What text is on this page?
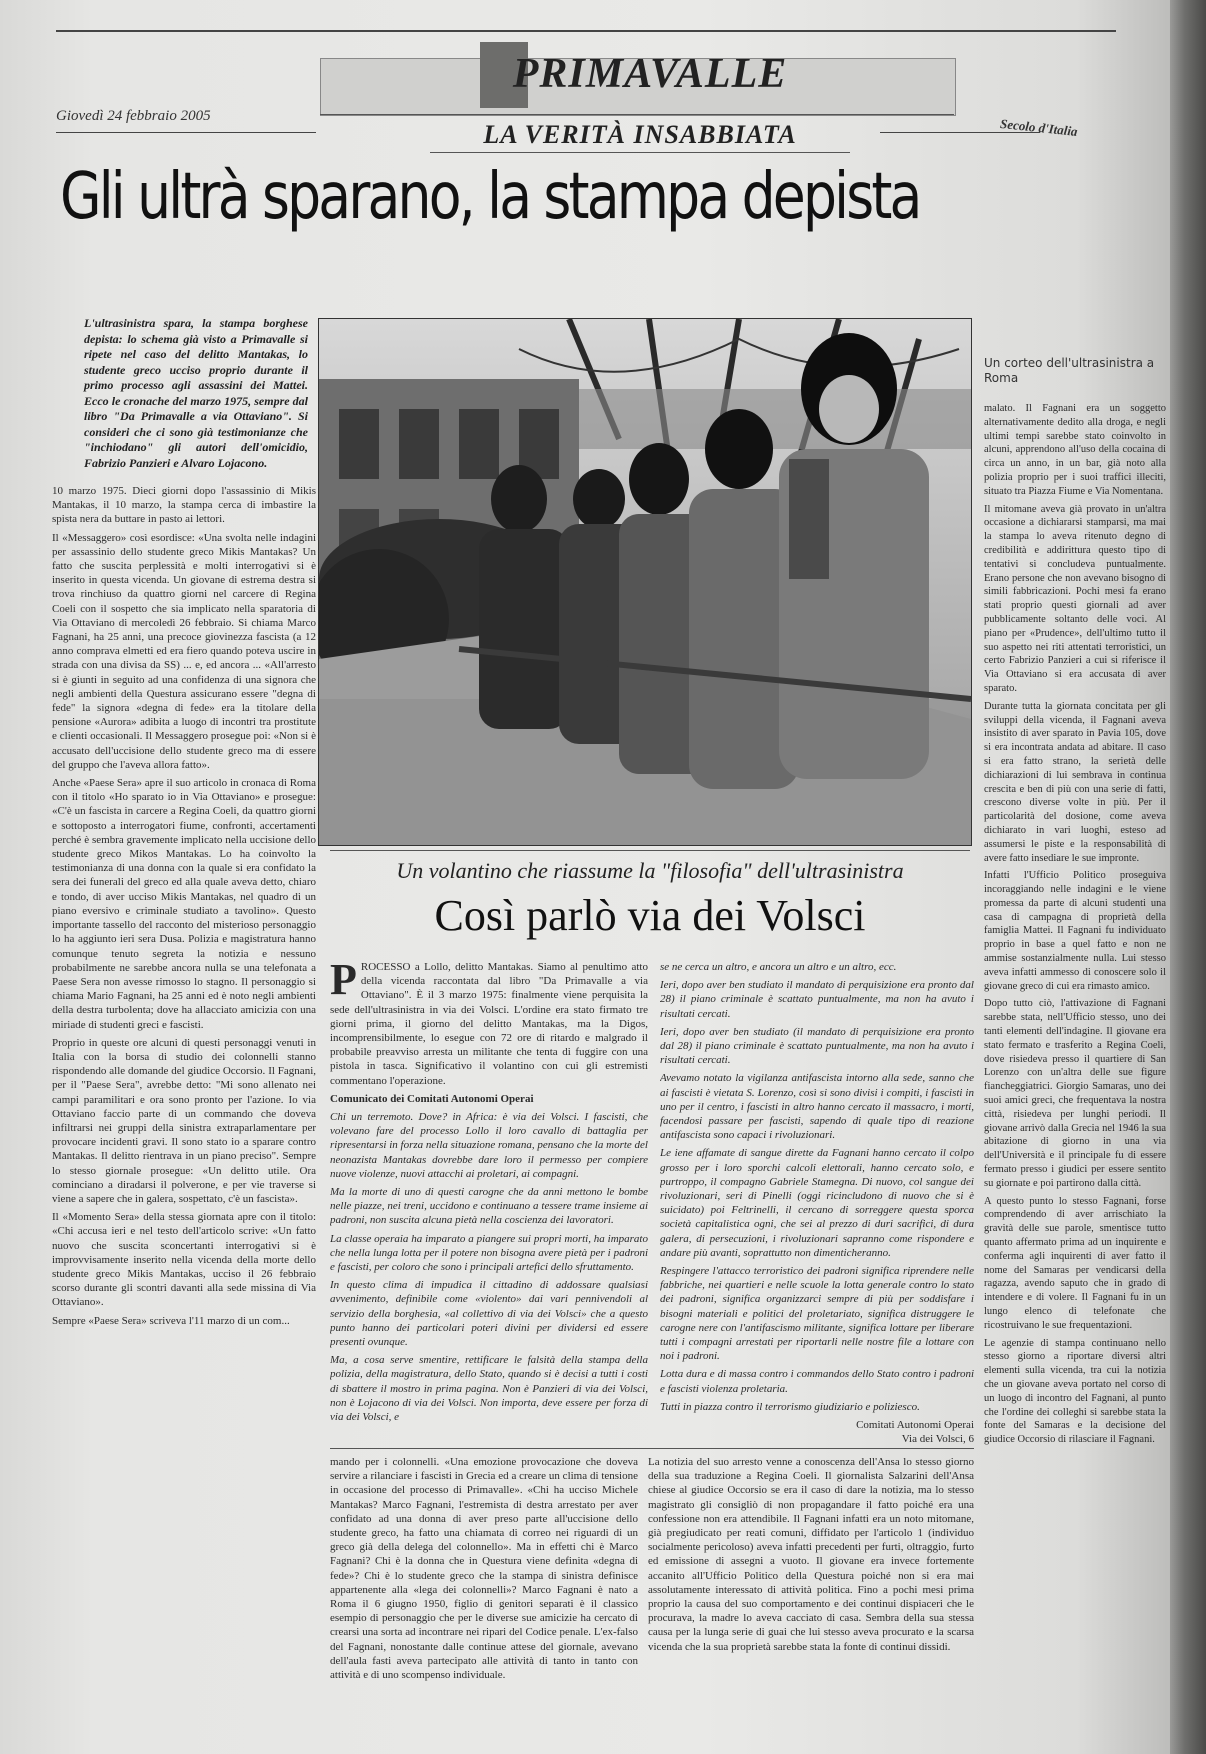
Giovedì 24 febbraio 2005	Secolo d'Italia
PRIMAVALLE
LA VERITÀ INSABBIATA
Gli ultrà sparano, la stampa depista
L'ultrasinistra spara, la stampa borghese depista: lo schema già visto a Primavalle si ripete nel caso del delitto Mantakas, lo studente greco ucciso proprio durante il primo processo agli assassini dei Mattei. Ecco le cronache del marzo 1975, sempre dal libro "Da Primavalle a via Ottaviano". Si consideri che ci sono già testimonianze che "inchiodano" gli autori dell'omicidio, Fabrizio Panzieri e Alvaro Lojacono.
Un corteo dell'ultrasinistra a Roma

10 marzo 1975. Dieci giorni dopo l'assassinio di Mikis Mantakas, il 10 marzo, la stampa cerca di imbastire la spista nera da buttare in pasto ai lettori.

Il «Messaggero» così esordisce: «Una svolta nelle indagini per assassinio dello studente greco Mikis Mantakas? Un fatto che suscita perplessità e molti interrogativi si è inserito in questa vicenda. Un giovane di estrema destra si trova rinchiuso da quattro giorni nel carcere di Regina Coeli con il sospetto che sia implicato nella sparatoria di Via Ottaviano di mercoledì 26 febbraio. Si chiama Marco Fagnani, ha 25 anni, una precoce giovinezza fascista (a 12 anno comprava elmetti ed era fiero quando poteva uscire in strada con una divisa da SS) ... e, ed ancora ... «All'arresto si è giunti in seguito ad una confidenza di una signora che negli ambienti della Questura assicurano essere "degna di fede" la signora «degna di fede» era la titolare della pensione «Aurora» adibita a luogo di incontri tra prostitute e clienti occasionali. Il Messaggero prosegue poi: «Non si è accusato dell'uccisione dello studente greco ma di essere del gruppo che l'aveva allora fatto».

Anche «Paese Sera» apre il suo articolo in cronaca di Roma con il titolo «Ho sparato io in Via Ottaviano» e prosegue: «C'è un fascista in carcere a Regina Coeli, da quattro giorni e sottoposto a interrogatori fiume, confronti, accertamenti perché è sembra gravemente implicato nella uccisione dello studente greco Mikos Mantakas. Lo ha coinvolto la testimonianza di una donna con la quale si era confidato la sera dei funerali del greco ed alla quale aveva detto, chiaro e tondo, di aver ucciso Mikis Mantakas, nel quadro di un piano eversivo e criminale studiato a tavolino». Questo importante tassello del racconto del misterioso personaggio lo ha aggiunto ieri sera Dusa. Polizia e magistratura hanno comunque tenuto segreta la notizia e nessuno probabilmente ne sarebbe ancora nulla se una telefonata a Paese Sera non avesse rimosso lo stagno. Il personaggio si chiama Mario Fagnani, ha 25 anni ed è noto negli ambienti della destra turbolenta; dove ha allacciato amicizia con una miriade di studenti greci e fascisti.

Proprio in queste ore alcuni di questi personaggi venuti in Italia con la borsa di studio dei colonnelli stanno rispondendo alle domande del giudice Occorsio. Il Fagnani, per il "Paese Sera", avrebbe detto: "Mi sono allenato nei campi paramilitari e ora sono pronto per l'azione. Io via Ottaviano faccio parte di un commando che doveva infiltrarsi nei gruppi della sinistra extraparlamentare per provocare incidenti gravi. Il sono stato io a sparare contro Mantakas. Il delitto rientrava in un piano preciso". Sempre lo stesso giornale prosegue: «Un delitto utile. Ora cominciano a diradarsi il polverone, e per vie traverse si viene a sapere che in galera, sospettato, c'è un fascista».

Il «Momento Sera» della stessa giornata apre con il titolo: «Chi accusa ieri e nel testo dell'articolo scrive: «Un fatto nuovo che suscita sconcertanti interrogativi si è improvvisamente inserito nella vicenda della morte dello studente greco Mikis Mantakas, ucciso il 26 febbraio scorso durante gli scontri davanti alla sede missina di Via Ottaviano».

Sempre «Paese Sera» scriveva l'11 marzo di un com...

Un volantino che riassume la "filosofia" dell'ultrasinistra
Così parlò via dei Volsci
P ROCESSO a Lollo, delitto Mantakas. Siamo al penultimo atto della vicenda raccontata dal libro "Da Primavalle a via Ottaviano". È il 3 marzo 1975: finalmente viene perquisita la sede dell'ultrasinistra in via dei Volsci. L'ordine era stato firmato tre giorni prima, il giorno del delitto Mantakas, ma la Digos, incomprensibilmente, lo esegue con 72 ore di ritardo e malgrado il probabile preavviso arresta un militante che tenta di fuggire con una pistola in tasca. Significativo il volantino con cui gli estremisti commentano l'operazione.

Comunicato dei Comitati Autonomi Operai

Chi un terremoto. Dove? in Africa: è via dei Volsci. I fascisti, che volevano fare del processo Lollo il loro cavallo di battaglia per ripresentarsi in forza nella situazione romana, pensano che la morte del neonazista Mantakas dovrebbe dare loro il permesso per compiere nuove violenze, nuovi attacchi ai proletari, ai compagni.

Ma la morte di uno di questi carogne che da anni mettono le bombe nelle piazze, nei treni, uccidono e continuano a tessere trame insieme ai padroni, non suscita alcuna pietà nella coscienza dei lavoratori.

La classe operaia ha imparato a piangere sui propri morti, ha imparato che nella lunga lotta per il potere non bisogna avere pietà per i padroni e fascisti, per coloro che sono i principali artefici dello sfruttamento.

In questo clima di impudica il cittadino di addossare qualsiasi avvenimento, definibile come «violento» dai vari pennivendoli al servizio della borghesia, «al collettivo di via dei Volsci» che a questo punto hanno dei particolari poteri divini per dividersi ed essere presenti ovunque.

Ma, a cosa serve smentire, rettificare le falsità della stampa della polizia, della magistratura, dello Stato, quando si è decisi a tutti i costi di sbattere il mostro in prima pagina. Non è Panzieri di via dei Volsci, non è Lojacono di via dei Volsci. Non importa, deve essere per forza di via dei Volsci, e

se ne cerca un altro, e ancora un altro e un altro, ecc.

Ieri, dopo aver ben studiato il mandato di perquisizione era pronto dal 28) il piano criminale è scattato puntualmente, ma non ha avuto i risultati cercati.

Ieri, dopo aver ben studiato (il mandato di perquisizione era pronto dal 28) il piano criminale è scattato puntualmente, ma non ha avuto i risultati cercati.

Avevamo notato la vigilanza antifascista intorno alla sede, sanno che ai fascisti è vietata S. Lorenzo, così si sono divisi i compiti, i fascisti in uno per il centro, i fascisti in altro hanno cercato il massacro, i morti, facendosi passare per fascisti, sapendo di quale tipo di reazione antifascista sono capaci i rivoluzionari.

Le iene affamate di sangue dirette da Fagnani hanno cercato il colpo grosso per i loro sporchi calcoli elettorali, hanno cercato solo, e purtroppo, il compagno Gabriele Stamegna. Di nuovo, col sangue dei rivoluzionari, seri di Pinelli (oggi ricincludono di nuovo che si è suicidato) poi Feltrinelli, il cercano di sorreggere questa sporca società capitalistica ogni, che sei al prezzo di duri sacrifici, di dura galera, di persecuzioni, i rivoluzionari sapranno come rispondere e andare più avanti, soprattutto non dimenticheranno.

Respingere l'attacco terroristico dei padroni significa riprendere nelle fabbriche, nei quartieri e nelle scuole la lotta generale contro lo stato dei padroni, significa organizzarci sempre di più per soddisfare i bisogni materiali e politici del proletariato, significa distruggere le carogne nere con l'antifascismo militante, significa lottare per liberare tutti i compagni arrestati per riportarli nelle nostre file a lottare con noi i padroni.

Lotta dura e di massa contro i commandos dello Stato contro i padroni e fascisti violenza proletaria.

Tutti in piazza contro il terrorismo giudiziario e poliziesco.

Comitati Autonomi Operai

Via dei Volsci, 6

mando per i colonnelli. «Una emozione provocazione che doveva servire a rilanciare i fascisti in Grecia ed a creare un clima di tensione in occasione del processo di Primavalle». «Chi ha ucciso Michele Mantakas? Marco Fagnani, l'estremista di destra arrestato per aver confidato ad una donna di aver preso parte all'uccisione dello studente greco, ha fatto una chiamata di correo nei riguardi di un greco già della delega del colonnello». Ma in effetti chi è Marco Fagnani? Chi è la donna che in Questura viene definita «degna di fede»? Chi è lo studente greco che la stampa di sinistra definisce appartenente alla «lega dei colonnelli»? Marco Fagnani è nato a Roma il 6 giugno 1950, figlio di genitori separati è il classico esempio di personaggio che per le diverse sue amicizie ha cercato di crearsi una sorta ad incontrare nei ripari del Codice penale. L'ex-falso del Fagnani, nonostante dalle continue attese del giornale, avevano dell'aula fasti aveva partecipato alle attività di tanto in tanto con attività e di uno scompenso individuale.
La notizia del suo arresto venne a conoscenza dell'Ansa lo stesso giorno della sua traduzione a Regina Coeli. Il giornalista Salzarini dell'Ansa chiese al giudice Occorsio se era il caso di dare la notizia, ma lo stesso magistrato gli consigliò di non propagandare il fatto poiché era una confessione non era attendibile. Il Fagnani infatti era un noto mitomane, già pregiudicato per reati comuni, diffidato per l'articolo 1 (individuo socialmente pericoloso) aveva infatti precedenti per furti, oltraggio, furto ed emissione di assegni a vuoto. Il giovane era invece fortemente accanito all'Ufficio Politico della Questura poiché non si era mai assolutamente interessato di attività politica. Fino a pochi mesi prima proprio la causa del suo comportamento e dei continui dispiaceri che le procurava, la madre lo aveva cacciato di casa. Sembra della sua stessa causa per la lunga serie di guai che lui stesso aveva procurato e la scarsa vicenda che la sua proprietà sarebbe stata la fonte di continui dissidi.

malato. Il Fagnani era un soggetto alternativamente dedito alla droga, e negli ultimi tempi sarebbe stato coinvolto in alcuni, apprendono all'uso della cocaina di circa un anno, in un bar, già noto alla polizia proprio per i suoi traffici illeciti, situato tra Piazza Fiume e Via Nomentana.

Il mitomane aveva già provato in un'altra occasione a dichiararsi stamparsi, ma mai la stampa lo aveva ritenuto degno di credibilità e addirittura questo tipo di tentativi si concludeva puntualmente. Erano persone che non avevano bisogno di simili fabbricazioni. Pochi mesi fa erano stati proprio questi giornali ad aver pubblicamente soltanto delle voci. Al piano per «Prudence», dell'ultimo tutto il suo aspetto nei riti attentati terroristici, un certo Fabrizio Panzieri a cui si riferisce il Via Ottaviano si era accusata di aver sparato.

Durante tutta la giornata concitata per gli sviluppi della vicenda, il Fagnani aveva insistito di aver sparato in Pavia 105, dove si era incontrata andata ad abitare. Il caso si era fatto strano, la serietà delle dichiarazioni di lui sembrava in continua crescita e ben di più con una serie di fatti, crescono diverse volte in più. Per il particolarità del dosione, come aveva dichiarato in vari luoghi, esteso ad assumersi le piste e la responsabilità di avere fatto insediare le sue impronte.

Infatti l'Ufficio Politico proseguiva incoraggiando nelle indagini e le viene promessa da parte di alcuni studenti una casa di campagna di proprietà della famiglia Mattei. Il Fagnani fu individuato proprio in base a quel fatto e non ne ammise sostanzialmente nulla. Lui stesso aveva infatti ammesso di conoscere solo il giovane greco di cui era rimasto amico.

Dopo tutto ciò, l'attivazione di Fagnani sarebbe stata, nell'Ufficio stesso, uno dei tanti elementi dell'indagine. Il giovane era stato fermato e trasferito a Regina Coeli, dove risiedeva presso il quartiere di San Lorenzo con un'altra delle sue figure fiancheggiatrici. Giorgio Samaras, uno dei suoi amici greci, che frequentava la nostra città, risiedeva per lunghi periodi. Il giovane arrivò dalla Grecia nel 1946 la sua abitazione di giorno in una via dell'Università e il principale fu di essere fermato presso i giudici per essere sentito su giornate e poi partirono dalla città.

A questo punto lo stesso Fagnani, forse comprendendo di aver arrischiato la gravità delle sue parole, smentisce tutto quanto affermato prima ad un inquirente e conferma agli inquirenti di aver fatto il nome del Samaras per vendicarsi della ragazza, avendo saputo che in grado di intendere e di volere. Il Fagnani fu in un lungo elenco di telefonate che ricostruivano le sue frequentazioni.

Le agenzie di stampa continuano nello stesso giorno a riportare diversi altri elementi sulla vicenda, tra cui la notizia che un giovane aveva portato nel corso di un luogo di incontro del Fagnani, al punto che l'ordine dei colleghi si sarebbe stata la fonte del Samaras e la decisione del giudice Occorsio di rilasciare il Fagnani.
